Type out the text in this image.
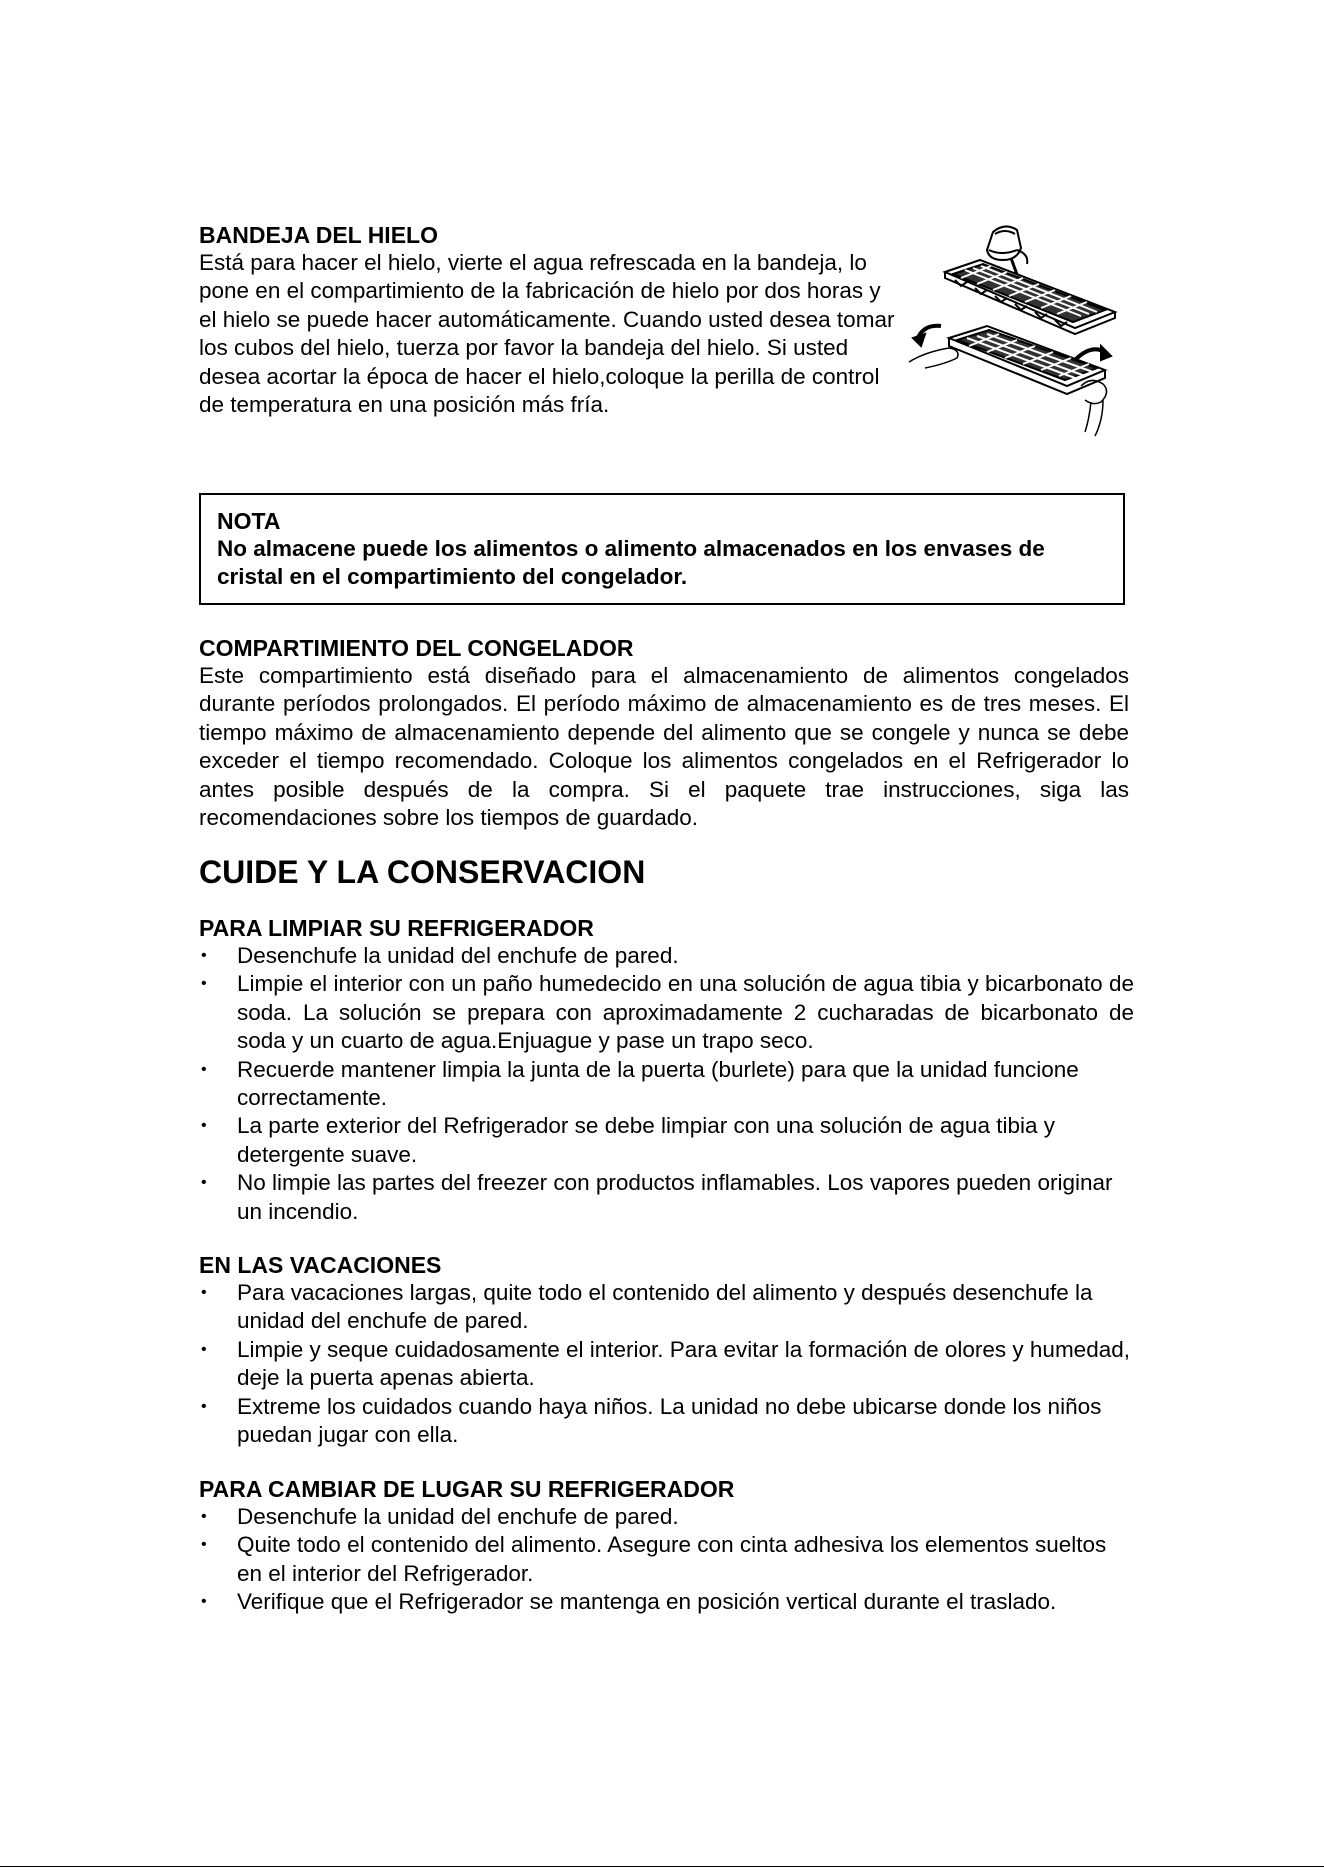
BANDEJA DEL HIELO

Está para hacer el hielo, vierte el agua refrescada en la bandeja, lo pone en el compartimiento de la fabricación de hielo por dos horas y el hielo se puede hacer automáticamente. Cuando usted desea tomar los cubos del hielo, tuerza por favor la bandeja del hielo. Si usted desea acortar la época de hacer el hielo,coloque la perilla de control de temperatura en una posición más fría.

NOTA

No almacene puede los alimentos o alimento almacenados en los envases de cristal en el compartimiento del congelador.

COMPARTIMIENTO DEL CONGELADOR

Este compartimiento está diseñado para el almacenamiento de alimentos congelados durante períodos prolongados. El período máximo de almacenamiento es de tres meses. El tiempo máximo de almacenamiento depende del alimento que se congele y nunca se debe exceder el tiempo recomendado. Coloque los alimentos congelados en el Refrigerador lo antes posible después de la compra. Si el paquete trae instrucciones, siga las recomendaciones sobre los tiempos de guardado.

CUIDE Y LA CONSERVACION
PARA LIMPIAR SU REFRIGERADOR
•	Desenchufe la unidad del enchufe de pared.
•	Limpie el interior con un paño humedecido en una solución de agua tibia y bicarbonato de soda. La solución se prepara con aproximadamente 2 cucharadas de bicarbonato de soda y un cuarto de agua.Enjuague y pase un trapo seco.
•	Recuerde mantener limpia la junta de la puerta (burlete) para que la unidad funcione correctamente.
•	La parte exterior del Refrigerador se debe limpiar con una solución de agua tibia y detergente suave.
•	No limpie las partes del freezer con productos inflamables. Los vapores pueden originar un incendio.
EN LAS VACACIONES
•	Para vacaciones largas, quite todo el contenido del alimento y después desenchufe la unidad del enchufe de pared.
•	Limpie y seque cuidadosamente el interior. Para evitar la formación de olores y humedad, deje la puerta apenas abierta.
•	Extreme los cuidados cuando haya niños. La unidad no debe ubicarse donde los niños puedan jugar con ella.
PARA CAMBIAR DE LUGAR SU REFRIGERADOR
•	Desenchufe la unidad del enchufe de pared.
•	Quite todo el contenido del alimento. Asegure con cinta adhesiva los elementos sueltos en el interior del Refrigerador.
•	Verifique que el Refrigerador se mantenga en posición vertical durante el traslado.
